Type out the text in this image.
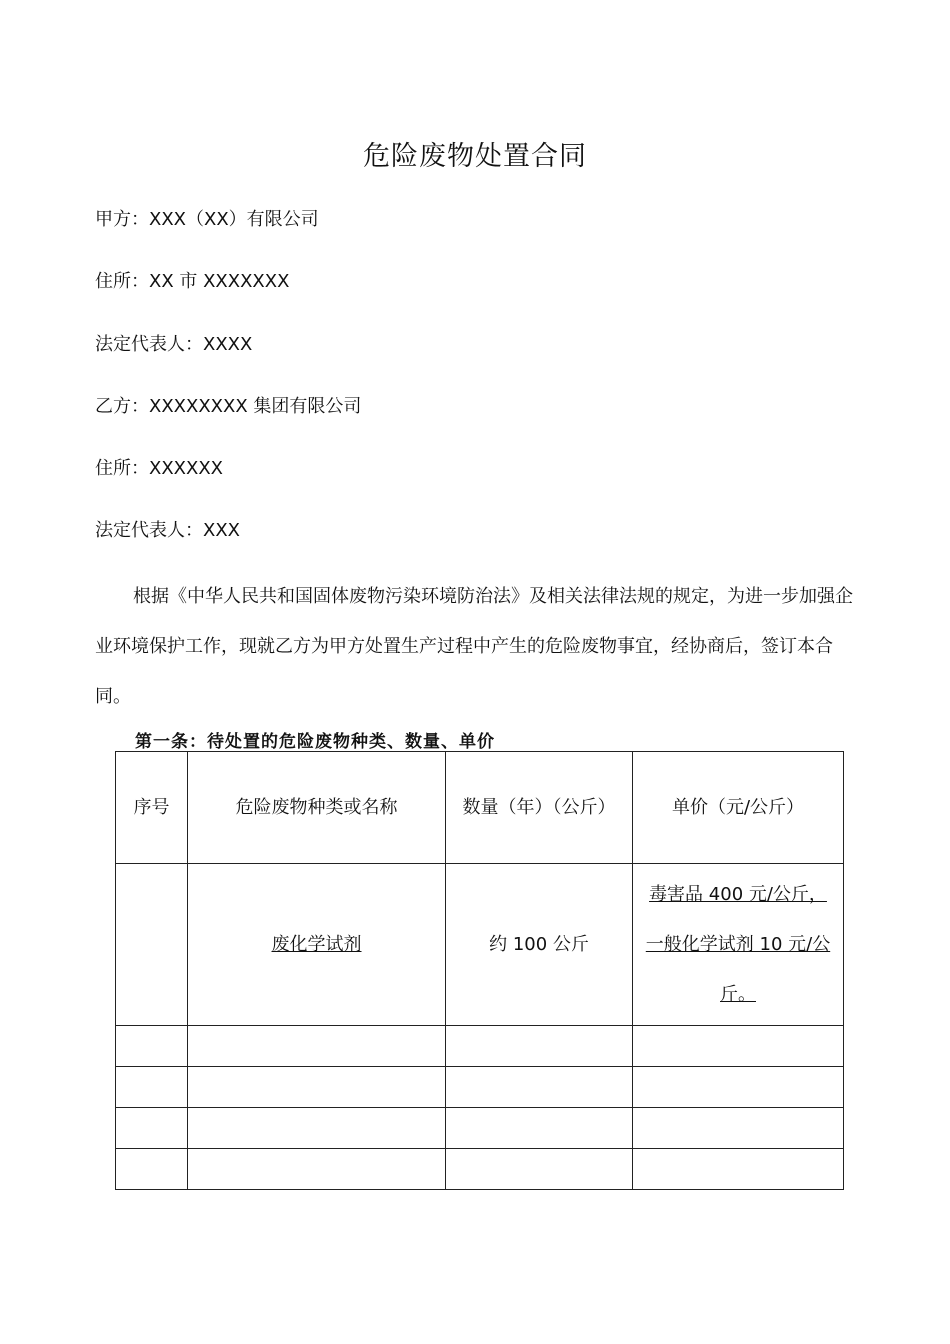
危险废物处置合同
甲方：XXX（XX）有限公司
住所：XX 市 XXXXXXX
法定代表人：XXXX
乙方：XXXXXXXX 集团有限公司
住所：XXXXXX
法定代表人：XXX
根据《中华人民共和国固体废物污染环境防治法》及相关法律法规的规定，为进一步加强企业环境保护工作，现就乙方为甲方处置生产过程中产生的危险废物事宜，经协商后，签订本合同。
第一条：待处置的危险废物种类、数量、单价
序号	危险废物种类或名称	数量（年）（公斤）	单价（元/公斤）
	废化学试剂	约 100 公斤	毒害品 400 元/公斤，一般化学试剂 10 元/公斤。
